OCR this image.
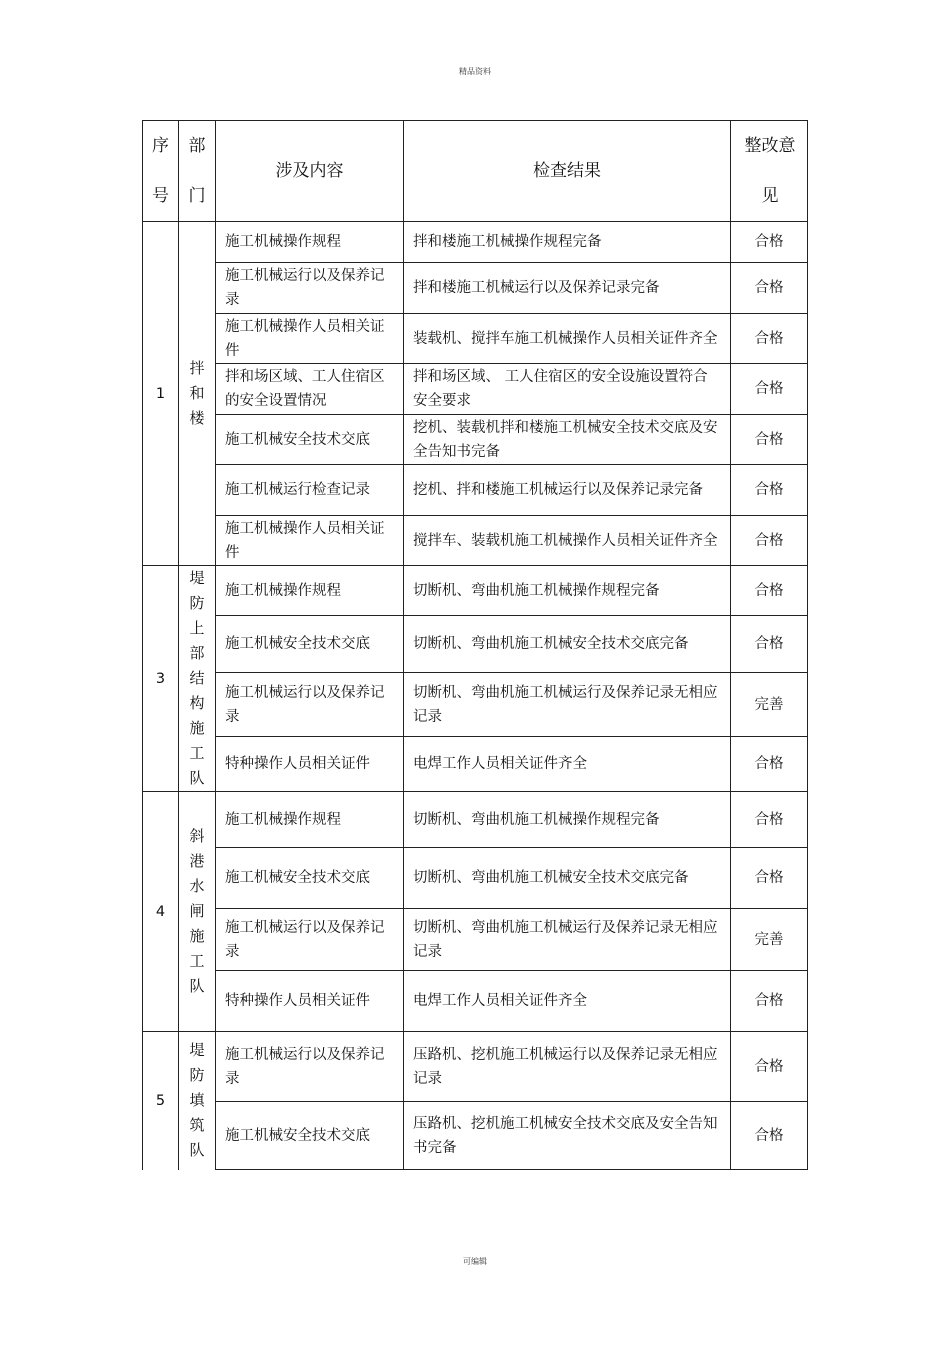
精品资料
序号	部门	涉及内容	检查结果	整改意见

1	拌和楼	施工机械操作规程	拌和楼施工机械操作规程完备	合格
		施工机械运行以及保养记录	拌和楼施工机械运行以及保养记录完备	合格
		施工机械操作人员相关证件	装载机、搅拌车施工机械操作人员相关证件齐全	合格
		拌和场区域、工人住宿区的安全设置情况	拌和场区域、 工人住宿区的安全设施设置符合安全要求	合格
		施工机械安全技术交底	挖机、装载机拌和楼施工机械安全技术交底及安全告知书完备	合格
		施工机械运行检查记录	挖机、拌和楼施工机械运行以及保养记录完备	合格
		施工机械操作人员相关证件	搅拌车、装载机施工机械操作人员相关证件齐全	合格
3	堤防上部结构施工队	施工机械操作规程	切断机、弯曲机施工机械操作规程完备	合格
		施工机械安全技术交底	切断机、弯曲机施工机械安全技术交底完备	合格
		施工机械运行以及保养记录	切断机、弯曲机施工机械运行及保养记录无相应记录	完善
		特种操作人员相关证件	电焊工作人员相关证件齐全	合格
4	斜港水闸施工队	施工机械操作规程	切断机、弯曲机施工机械操作规程完备	合格
		施工机械安全技术交底	切断机、弯曲机施工机械安全技术交底完备	合格
		施工机械运行以及保养记录	切断机、弯曲机施工机械运行及保养记录无相应记录	完善
		特种操作人员相关证件	电焊工作人员相关证件齐全	合格
5	堤防填筑队	施工机械运行以及保养记录	压路机、挖机施工机械运行以及保养记录无相应记录	合格
		施工机械安全技术交底	压路机、挖机施工机械安全技术交底及安全告知书完备	合格
可编辑
